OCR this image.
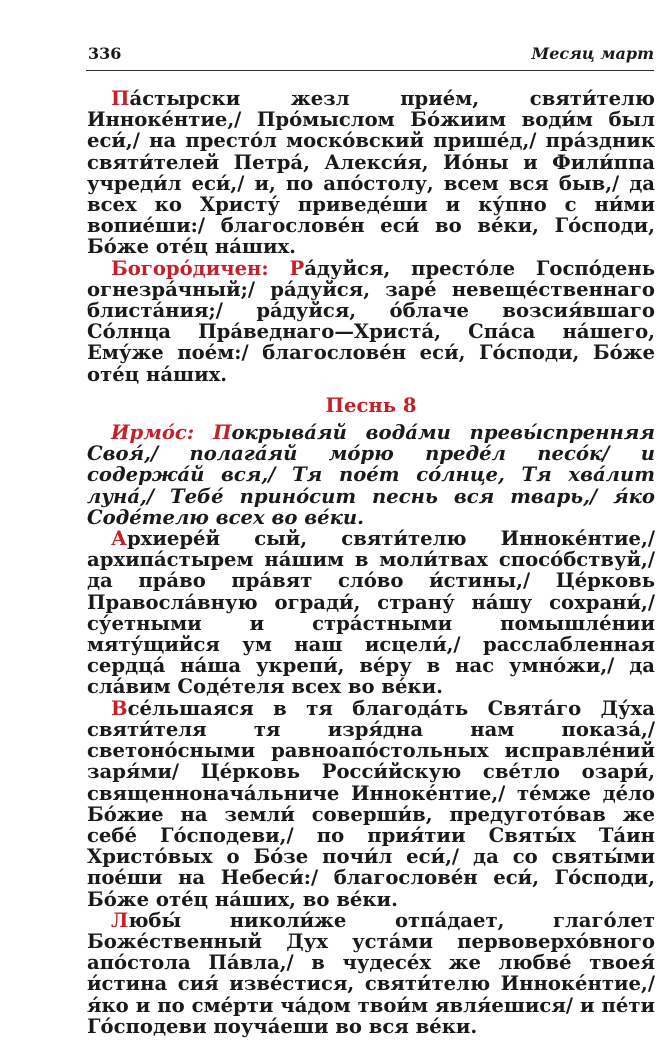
336	Месяц март

Па́стырски жезл прие́м, святи́телю Иннокéнтие,/ Про́мыслом Бо́жиим води́м был еси́,/ на престо́л моско́вский прише́д,/ пра́здник святи́телей Петра́, Алекси́я, Ио́ны и Фили́ппа учреди́л еси́,/ и, по апо́столу, всем вся быв,/ да всех ко Христу́ приведе́ши и ку́пно с ни́ми вопие́ши:/ благослове́н еси́ во ве́ки, Го́споди, Бо́же оте́ц на́ших.

Богоро́дичен: Ра́дуйся, престо́ле Госпо́день огнезра́чный;/ ра́дуйся, заре́ невеще́ственнаго блиста́ния;/ ра́дуйся, о́блаче возсия́вшаго Со́лнца Пра́веднаго—Христа́, Спа́са на́шего, Ему́же пое́м:/ благослове́н еси́, Го́споди, Бо́же оте́ц на́ших.

Песнь 8

Ирмо́с: Покрыва́яй вода́ми превы́спренняя Своя́,/ полага́яй мо́рю преде́л песо́к/ и содержа́й вся,/ Тя пое́т со́лнце, Тя хва́лит луна́,/ Тебе́ прино́сит песнь вся тварь,/ я́ко Соде́телю всех во ве́ки.

Архиере́й сый, святи́телю Иннокéнтие,/ архипа́стырем на́шим в моли́твах спосо́бствуй,/ да пра́во пра́вят сло́во и́стины,/ Це́рковь Правосла́вную огради́, страну́ на́шу сохрани́,/ су́етными и стра́стными помышле́нии мяту́щийся ум наш исцели́,/ расслабленная сердца́ на́ша укрепи́, ве́ру в нас умно́жи,/ да сла́вим Соде́теля всех во ве́ки.

Все́льшаяся в тя благода́ть Свята́го Ду́ха святи́теля тя изря́дна нам показа́,/ светоно́сными равноапо́стольных исправле́ний заря́ми/ Це́рковь Росси́йскую све́тло озари́, священнонача́льниче Иннокéнтие,/ те́мже де́ло Бо́жие на земли́ соверши́в, предугото́вав же себе́ Го́сподеви,/ по прия́тии Святы́х Та́ин Христо́вых о Бо́зе почи́л еси́,/ да со святы́ми пое́ши на Небеси́:/ благослове́н еси́, Го́споди, Бо́же оте́ц на́ших, во ве́ки.

Любы́ николи́же отпа́дает, глаго́лет Боже́ственный Дух уста́ми первоверхо́вного апо́стола Па́вла,/ в чудесе́х же любве́ твоея́ и́стина сия́ изве́стися, святи́телю Иннокéнтие,/ я́ко и по сме́рти ча́дом твои́м явля́ешися/ и пе́ти Го́сподеви поуча́еши во вся ве́ки.
